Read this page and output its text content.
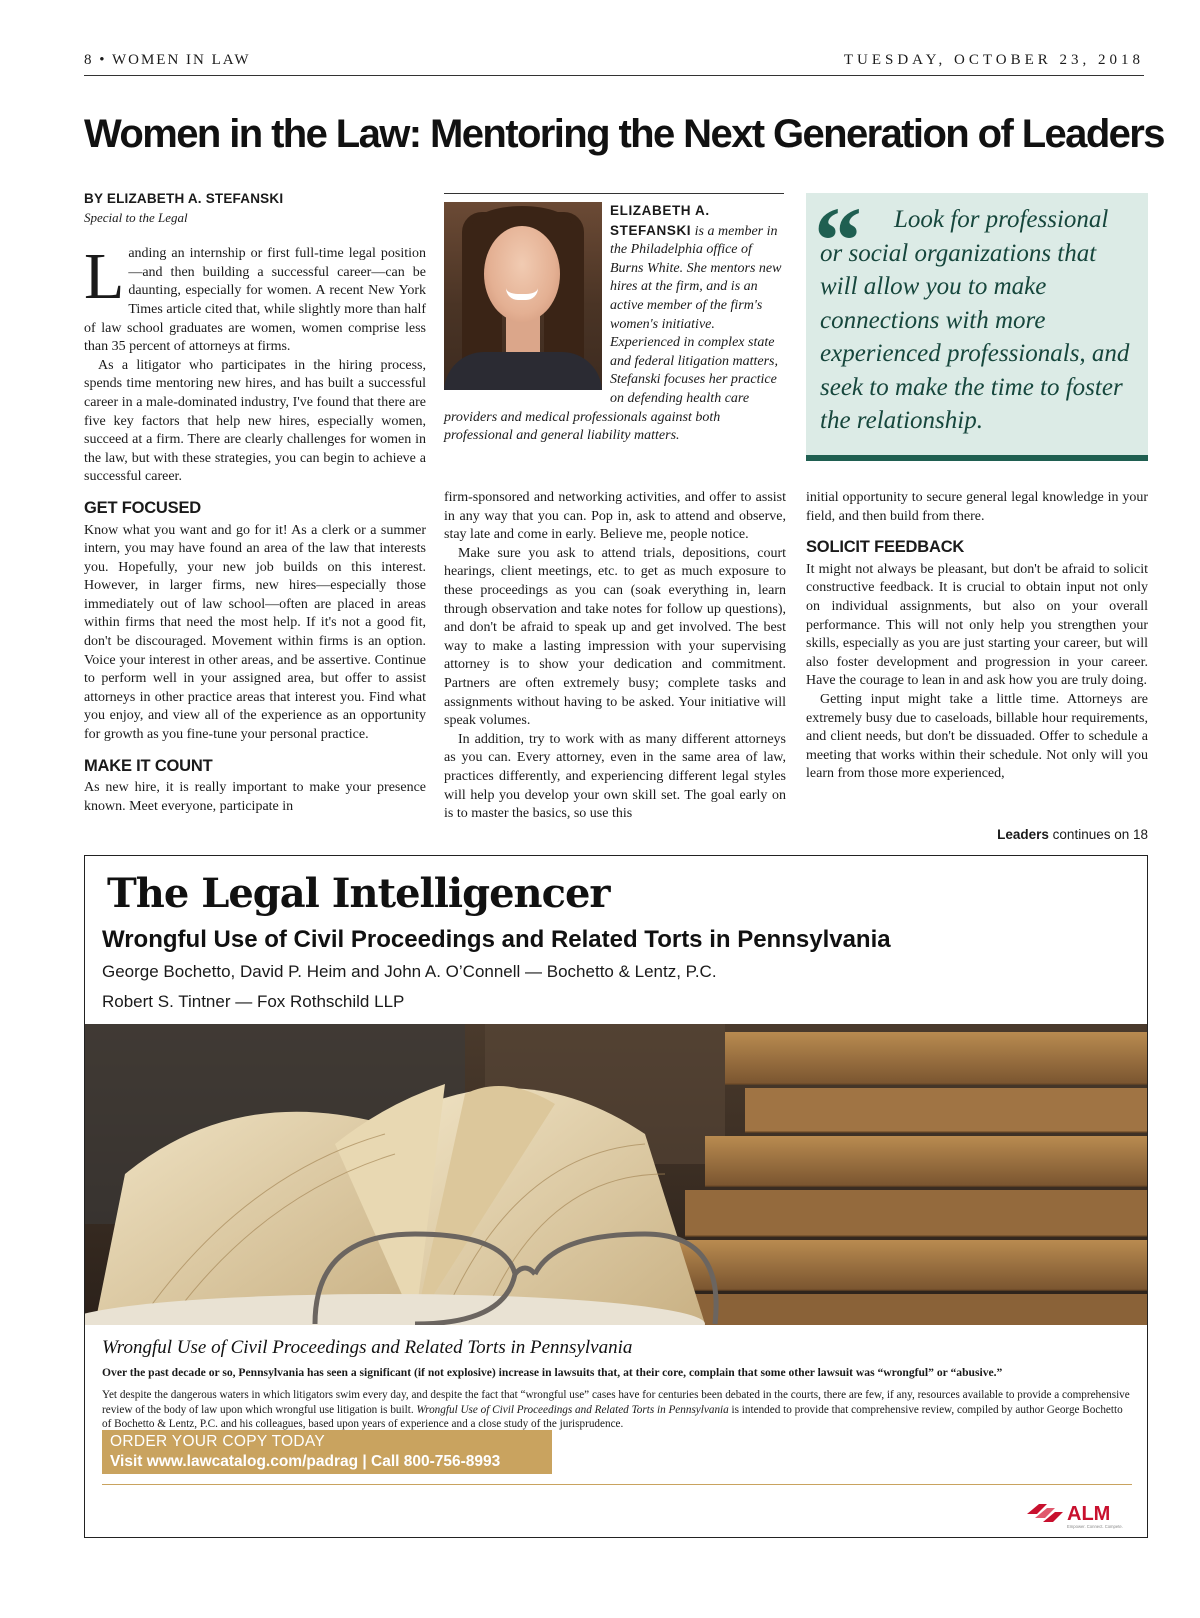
8 • WOMEN IN LAW	TUESDAY, OCTOBER 23, 2018
Women in the Law: Mentoring the Next Generation of Leaders
BY ELIZABETH A. STEFANSKI
Special to the Legal

Landing an internship or first full-time legal position—and then building a successful career—can be daunting, especially for women. A recent New York Times article cited that, while slightly more than half of law school graduates are women, women comprise less than 35 percent of attorneys at firms.

As a litigator who participates in the hiring process, spends time mentoring new hires, and has built a successful career in a male-dominated industry, I've found that there are five key factors that help new hires, especially women, succeed at a firm. There are clearly challenges for women in the law, but with these strategies, you can begin to achieve a successful career.

GET FOCUSED

Know what you want and go for it! As a clerk or a summer intern, you may have found an area of the law that interests you. Hopefully, your new job builds on this interest. However, in larger firms, new hires—especially those immediately out of law school—often are placed in areas within firms that need the most help. If it's not a good fit, don't be discouraged. Movement within firms is an option. Voice your interest in other areas, and be assertive. Continue to perform well in your assigned area, but offer to assist attorneys in other practice areas that interest you. Find what you enjoy, and view all of the experience as an opportunity for growth as you fine-tune your personal practice.

MAKE IT COUNT

As new hire, it is really important to make your presence known. Meet everyone, participate in

ELIZABETH A. STEFANSKI is a member in the Philadelphia office of Burns White. She mentors new hires at the firm, and is an active member of the firm's women's initiative. Experienced in complex state and federal litigation matters, Stefanski focuses her practice on defending health care providers and medical professionals against both professional and general liability matters.

firm-sponsored and networking activities, and offer to assist in any way that you can. Pop in, ask to attend and observe, stay late and come in early. Believe me, people notice.

Make sure you ask to attend trials, depositions, court hearings, client meetings, etc. to get as much exposure to these proceedings as you can (soak everything in, learn through observation and take notes for follow up questions), and don't be afraid to speak up and get involved. The best way to make a lasting impression with your supervising attorney is to show your dedication and commitment. Partners are often extremely busy; complete tasks and assignments without having to be asked. Your initiative will speak volumes.

In addition, try to work with as many different attorneys as you can. Every attorney, even in the same area of law, practices differently, and experiencing different legal styles will help you develop your own skill set. The goal early on is to master the basics, so use this

“	Look for professional or social organizations that will allow you to make connections with more experienced professionals, and seek to make the time to foster the relationship.

initial opportunity to secure general legal knowledge in your field, and then build from there.

SOLICIT FEEDBACK

It might not always be pleasant, but don't be afraid to solicit constructive feedback. It is crucial to obtain input not only on individual assignments, but also on your overall performance. This will not only help you strengthen your skills, especially as you are just starting your career, but will also foster development and progression in your career. Have the courage to lean in and ask how you are truly doing.

Getting input might take a little time. Attorneys are extremely busy due to caseloads, billable hour requirements, and client needs, but don't be dissuaded. Offer to schedule a meeting that works within their schedule. Not only will you learn from those more experienced,

Leaders continues on 18
The Legal Intelligencer
Wrongful Use of Civil Proceedings and Related Torts in Pennsylvania
George Bochetto, David P. Heim and John A. O’Connell — Bochetto & Lentz, P.C.
Robert S. Tintner — Fox Rothschild LLP
Wrongful Use of Civil Proceedings and Related Torts in Pennsylvania
Over the past decade or so, Pennsylvania has seen a significant (if not explosive) increase in lawsuits that, at their core, complain that some other lawsuit was “wrongful” or “abusive.”
Yet despite the dangerous waters in which litigators swim every day, and despite the fact that “wrongful use” cases have for centuries been debated in the courts, there are few, if any, resources available to provide a comprehensive review of the body of law upon which wrongful use litigation is built. Wrongful Use of Civil Proceedings and Related Torts in Pennsylvania is intended to provide that comprehensive review, compiled by author George Bochetto of Bochetto & Lentz, P.C. and his colleagues, based upon years of experience and a close study of the jurisprudence.
ORDER YOUR COPY TODAY
Visit www.lawcatalog.com/padrag | Call 800-756-8993
ALM
Empower. Connect. Compete.
